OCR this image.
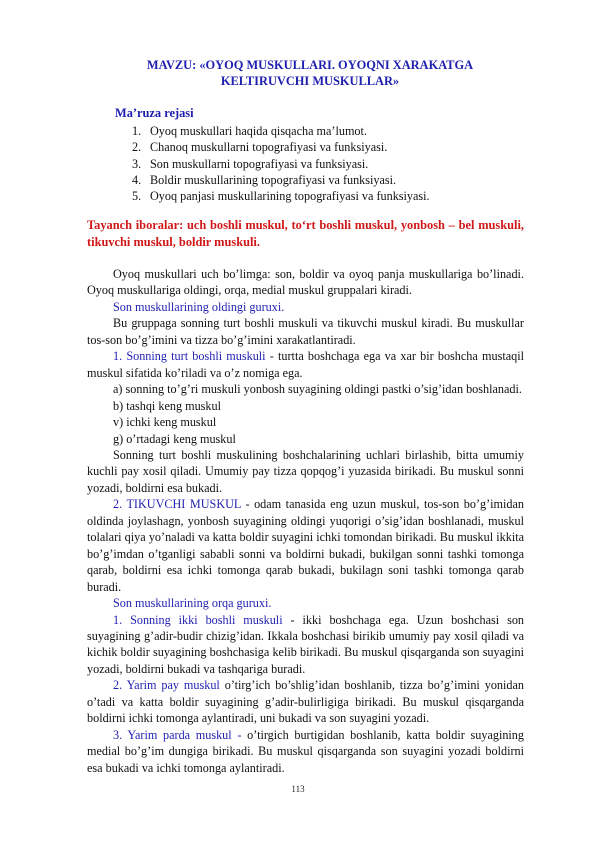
MAVZU: «OYOQ MUSKULLARI. OYOQNI XARAKATGA
KELTIRUVCHI MUSKULLAR»
Ma’ruza rejasi
1. Oyoq muskullari haqida qisqacha ma’lumot.
2. Chanoq muskullarni topografiyasi va funksiyasi.
3. Son muskullarni topografiyasi va funksiyasi.
4. Boldir muskullarining topografiyasi va funksiyasi.
5. Oyoq panjasi muskullarining topografiyasi va funksiyasi.
Tayanch iboralar: uch boshli muskul, to‘rt boshli muskul, yonbosh – bel muskuli, tikuvchi muskul, boldir muskuli.

Oyoq muskullari uch bo’limga: son, boldir va oyoq panja muskullariga bo’linadi. Oyoq muskullariga oldingi, orqa, medial muskul gruppalari kiradi.

Son muskullarining oldingi guruxi.

Bu gruppaga sonning turt boshli muskuli va tikuvchi muskul kiradi. Bu muskullar tos-son bo’g’imini va tizza bo’g’imini xarakatlantiradi.

1. Sonning turt boshli muskuli - turtta boshchaga ega va xar bir boshcha mustaqil muskul sifatida ko’riladi va o’z nomiga ega.

a) sonning to’g’ri muskuli yonbosh suyagining oldingi pastki o’sig’idan boshlanadi.

b) tashqi keng muskul

v) ichki keng muskul

g) o’rtadagi keng muskul

Sonning turt boshli muskulining boshchalarining uchlari birlashib, bitta umumiy kuchli pay xosil qiladi. Umumiy pay tizza qopqog’i yuzasida birikadi. Bu muskul sonni yozadi, boldirni esa bukadi.

2. TIKUVCHI MUSKUL - odam tanasida eng uzun muskul, tos-son bo’g’imidan oldinda joylashagn, yonbosh suyagining oldingi yuqorigi o’sig’idan boshlanadi, muskul tolalari qiya yo’naladi va katta boldir suyagini ichki tomondan birikadi. Bu muskul ikkita bo’g’imdan o’tganligi sababli sonni va boldirni bukadi, bukilgan sonni tashki tomonga qarab, boldirni esa ichki tomonga qarab bukadi, bukilagn soni tashki tomonga qarab buradi.

Son muskullarining orqa guruxi.

1. Sonning ikki boshli muskuli - ikki boshchaga ega. Uzun boshchasi son suyagining g’adir-budir chizig’idan. Ikkala boshchasi birikib umumiy pay xosil qiladi va kichik boldir suyagining boshchasiga kelib birikadi. Bu muskul qisqarganda son suyagini yozadi, boldirni bukadi va tashqariga buradi.

2. Yarim pay muskul o’tirg’ich bo’shlig’idan boshlanib, tizza bo’g’imini yonidan o’tadi va katta boldir suyagining g’adir-bulirligiga birikadi. Bu muskul qisqarganda boldirni ichki tomonga aylantiradi, uni bukadi va son suyagini yozadi.

3. Yarim parda muskul - o’tirgich burtigidan boshlanib, katta boldir suyagining medial bo’g’im dungiga birikadi. Bu muskul qisqarganda son suyagini yozadi boldirni esa bukadi va ichki tomonga aylantiradi.

113
